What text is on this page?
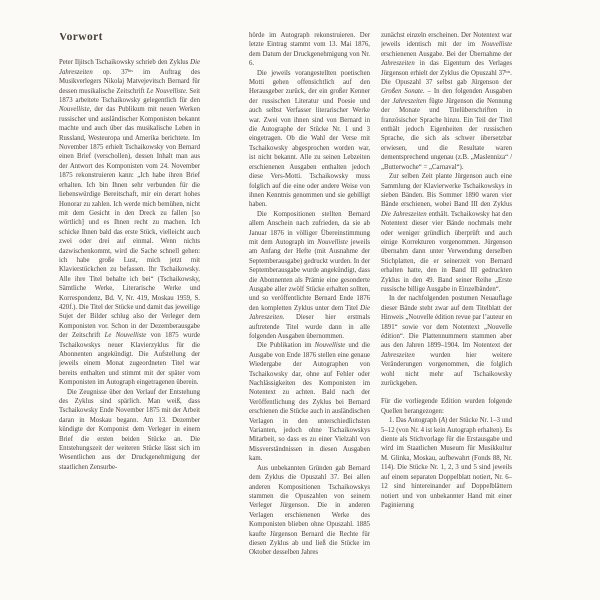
Vorwort

Peter Iljitsch Tschaikowsky schrieb den Zyklus Die Jahreszeiten op. $37^{bis}$ im Auftrag des Musikverlegers Nikolaj Matvejevitsch Bernard für dessen musikalische Zeitschrift Le Nouvelliste. Seit 1873 arbeitete Tschaikowsky gelegentlich für den Nouvelliste, der das Publikum mit neuen Werken russischer und ausländischer Komponisten bekannt machte und auch über das musikalische Leben in Russland, Westeuropa und Amerika berichtete. Im November 1875 erhielt Tschaikowsky von Bernard einen Brief (verschollen), dessen Inhalt man aus der Antwort des Komponisten vom 24. November 1875 rekonstruieren kann: „Ich habe ihren Brief erhalten. Ich bin Ihnen sehr verbunden für die liebenswürdige Bereitschaft, mir ein derart hohes Honorar zu zahlen. Ich werde mich bemühen, nicht mit dem Gesicht in den Dreck zu fallen [so wörtlich] und es Ihnen recht zu machen. Ich schicke Ihnen bald das erste Stück, vielleicht auch zwei oder drei auf einmal. Wenn nichts dazwischenkommt, wird die Sache schnell gehen: ich habe große Lust, mich jetzt mit Klavierstückchen zu befassen. Ihr Tschaikowsky. Alle ihre Titel behalte ich bei“ (Tschaikowsky, Sämtliche Werke, Literarische Werke und Korrespondenz, Bd. V, Nr. 419, Moskau 1959, S. 420f.). Die Titel der Stücke und damit das jeweilige Sujet der Bilder schlug also der Verleger dem Komponisten vor. Schon in der Dezemberausgabe der Zeitschrift Le Nouvelliste von 1875 wurde Tschaikowskys neuer Klavierzyklus für die Abonnenten angekündigt. Die Aufstellung der jeweils einem Monat zugeordneten Titel war bereits enthalten und stimmt mit der später vom Komponisten im Autograph eingetragenen überein.

Die Zeugnisse über den Verlauf der Entstehung des Zyklus sind spärlich. Man weiß, dass Tschaikowsky Ende November 1875 mit der Arbeit daran in Moskau begann. Am 13. Dezember kündigte der Komponist dem Verleger in einem Brief die ersten beiden Stücke an. Die Entstehungszeit der weiteren Stücke lässt sich im Wesentlichen aus der Druckgenehmigung der staatlichen Zensurbe-

hörde im Autograph rekonstruieren. Der letzte Eintrag stammt vom 13. Mai 1876, dem Datum der Druckgenehmigung von Nr. 6.

Die jeweils vorangestellten poetischen Motti gehen offensichtlich auf den Herausgeber zurück, der ein großer Kenner der russischen Literatur und Poesie und auch selbst Verfasser literarischer Werke war. Zwei von ihnen sind von Bernard in die Autographe der Stücke Nr. 1 und 3 eingetragen. Ob die Wahl der Verse mit Tschaikowsky abgesprochen worden war, ist nicht bekannt. Alle zu seinen Lebzeiten erschienenen Ausgaben enthalten jedoch diese Vers-Motti. Tschaikowsky muss folglich auf die eine oder andere Weise von ihnen Kenntnis genommen und sie gebilligt haben.

Die Kompositionen stellten Bernard allem Anschein nach zufrieden, da sie ab Januar 1876 in völliger Übereinstimmung mit dem Autograph im Nouvelliste jeweils am Anfang der Hefte (mit Ausnahme der Septemberausgabe) gedruckt wurden. In der Septemberausgabe wurde angekündigt, dass die Abonnenten als Prämie eine gesonderte Ausgabe aller zwölf Stücke erhalten sollten, und so veröffentlichte Bernard Ende 1876 den kompletten Zyklus unter dem Titel Die Jahreszeiten. Dieser hier erstmals auftretende Titel wurde dann in alle folgenden Ausgaben übernommen.

Die Publikation im Nouvelliste und die Ausgabe von Ende 1876 stellen eine genaue Wiedergabe der Autographen von Tschaikowsky dar, ohne auf Fehler oder Nachlässigkeiten des Komponisten im Notentext zu achten. Bald nach der Veröffentlichung des Zyklus bei Bernard erschienen die Stücke auch in ausländischen Verlagen in den unterschiedlichsten Varianten, jedoch ohne Tschaikowskys Mitarbeit, so dass es zu einer Vielzahl von Missverständnissen in diesen Ausgaben kam.

Aus unbekannten Gründen gab Bernard dem Zyklus die Opuszahl 37. Bei allen anderen Kompositionen Tschaikowskys stammen die Opuszahlen von seinem Verleger Jürgenson. Die in anderen Verlagen erschienenen Werke des Komponisten blieben ohne Opuszahl. 1885 kaufte Jürgenson Bernard die Rechte für diesen Zyklus ab und ließ die Stücke im Oktober desselben Jahres

zunächst einzeln erscheinen. Der Notentext war jeweils identisch mit der im Nouvelliste erschienenen Ausgabe. Bei der Übernahme der Jahreszeiten in das Eigentum des Verlages Jürgenson erhielt der Zyklus die Opuszahl $37^{bis}$. Die Opuszahl 37 selbst gab Jürgenson der Großen Sonate. – In den folgenden Ausgaben der Jahreszeiten fügte Jürgenson die Nennung der Monate und Titelüberschriften in französischer Sprache hinzu. Ein Teil der Titel enthält jedoch Eigenheiten der russischen Sprache, die sich als schwer übersetzbar erwiesen, und die Resultate waren dementsprechend ungenau (z.B. „Maslenniza“ / „Butterwoche“ = „Carnaval“).

Zur selben Zeit plante Jürgenson auch eine Sammlung der Klavierwerke Tschaikowskys in sieben Bänden. Bis Sommer 1890 waren vier Bände erschienen, wobei Band III den Zyklus Die Jahreszeiten enthält. Tschaikowsky hat den Notentext dieser vier Bände nochmals mehr oder weniger gründlich überprüft und auch einige Korrekturen vorgenommen. Jürgenson übernahm dann unter Verwendung derselben Stichplatten, die er seinerzeit von Bernard erhalten hatte, den in Band III gedruckten Zyklus in den 49. Band seiner Reihe „Erste russische billige Ausgabe in Einzelbänden“.

In der nachfolgenden postumen Neuauflage dieser Bände steht zwar auf dem Titelblatt der Hinweis „Nouvelle édition revue par l’auteur en 1891“ sowie vor dem Notentext „Nouvelle édition“. Die Plattennummern stammen aber aus den Jahren 1899–1904. Im Notentext der Jahreszeiten wurden hier weitere Veränderungen vorgenommen, die folglich wohl nicht mehr auf Tschaikowsky zurückgehen.

Für die vorliegende Edition wurden folgende Quellen herangezogen:

1. Das Autograph (A) der Stücke Nr. 1–3 und 5–12 (von Nr. 4 ist kein Autograph erhalten). Es diente als Stichvorlage für die Erstausgabe und wird im Staatlichen Museum für Musikkultur M. Glinka, Moskau, aufbewahrt (Fonds 88, Nr. 114). Die Stücke Nr. 1, 2, 3 und 5 sind jeweils auf einem separaten Doppelblatt notiert, Nr. 6–12 sind hintereinander auf Doppelblättern notiert und von unbekannter Hand mit einer Paginierung
